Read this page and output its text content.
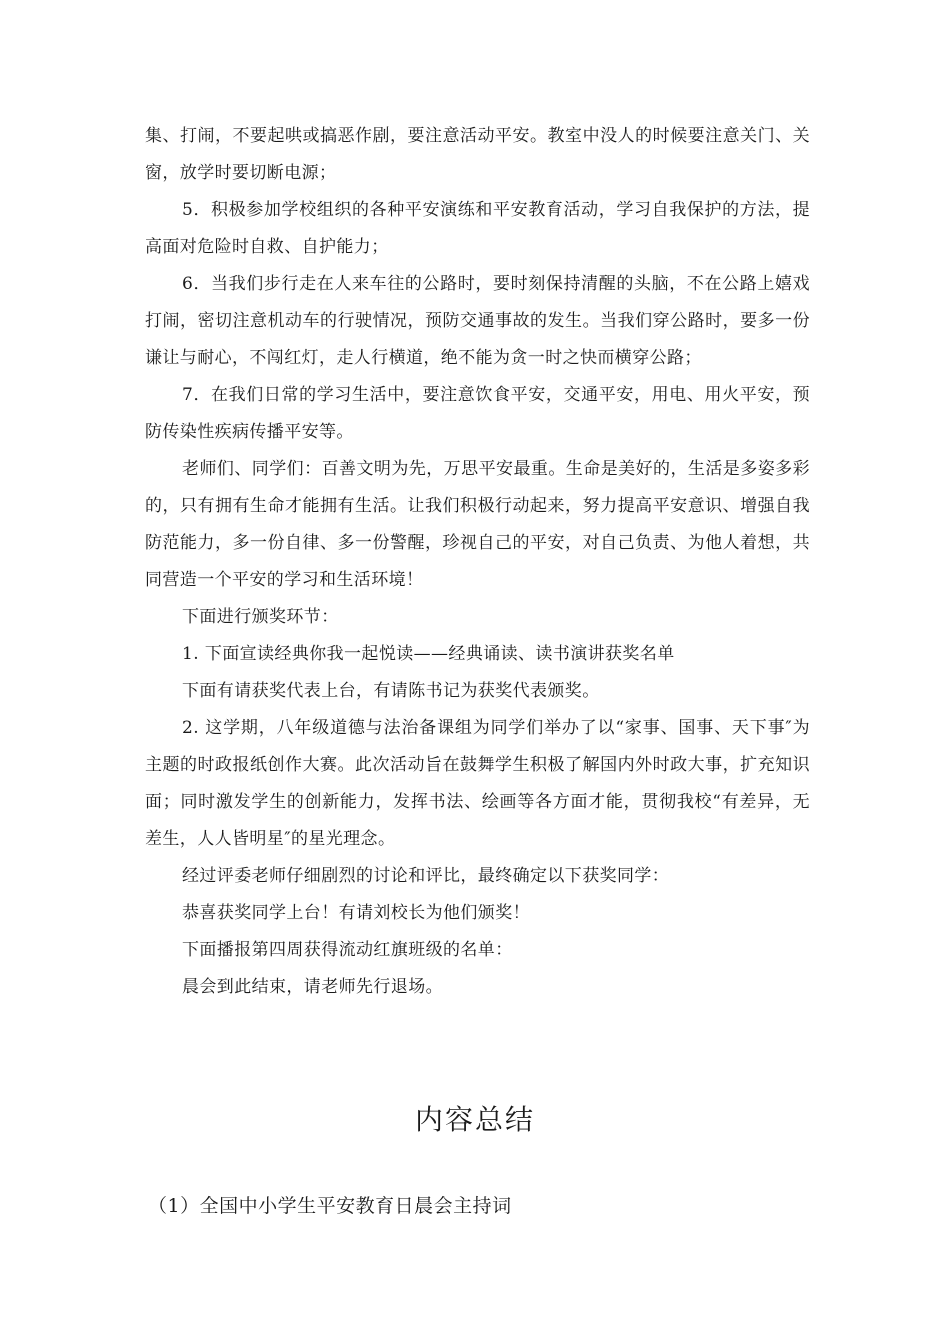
集、打闹，不要起哄或搞恶作剧，要注意活动平安。教室中没人的时候要注意关门、关窗，放学时要切断电源；

5．积极参加学校组织的各种平安演练和平安教育活动，学习自我保护的方法，提高面对危险时自救、自护能力；

6．当我们步行走在人来车往的公路时，要时刻保持清醒的头脑，不在公路上嬉戏打闹，密切注意机动车的行驶情况，预防交通事故的发生。当我们穿公路时，要多一份谦让与耐心，不闯红灯，走人行横道，绝不能为贪一时之快而横穿公路；

7．在我们日常的学习生活中，要注意饮食平安，交通平安，用电、用火平安，预防传染性疾病传播平安等。

老师们、同学们：百善文明为先，万思平安最重。生命是美好的，生活是多姿多彩的，只有拥有生命才能拥有生活。让我们积极行动起来，努力提高平安意识、增强自我防范能力，多一份自律、多一份警醒，珍视自己的平安，对自己负责、为他人着想，共同营造一个平安的学习和生活环境！

下面进行颁奖环节：

1. 下面宣读经典你我一起悦读——经典诵读、读书演讲获奖名单

下面有请获奖代表上台，有请陈书记为获奖代表颁奖。

2. 这学期，八年级道德与法治备课组为同学们举办了以“家事、国事、天下事″为主题的时政报纸创作大赛。此次活动旨在鼓舞学生积极了解国内外时政大事，扩充知识面；同时激发学生的创新能力，发挥书法、绘画等各方面才能，贯彻我校“有差异，无差生，人人皆明星″的星光理念。

经过评委老师仔细剧烈的讨论和评比，最终确定以下获奖同学：

恭喜获奖同学上台！有请刘校长为他们颁奖！

下面播报第四周获得流动红旗班级的名单：

晨会到此结束，请老师先行退场。

内容总结

（1）全国中小学生平安教育日晨会主持词
